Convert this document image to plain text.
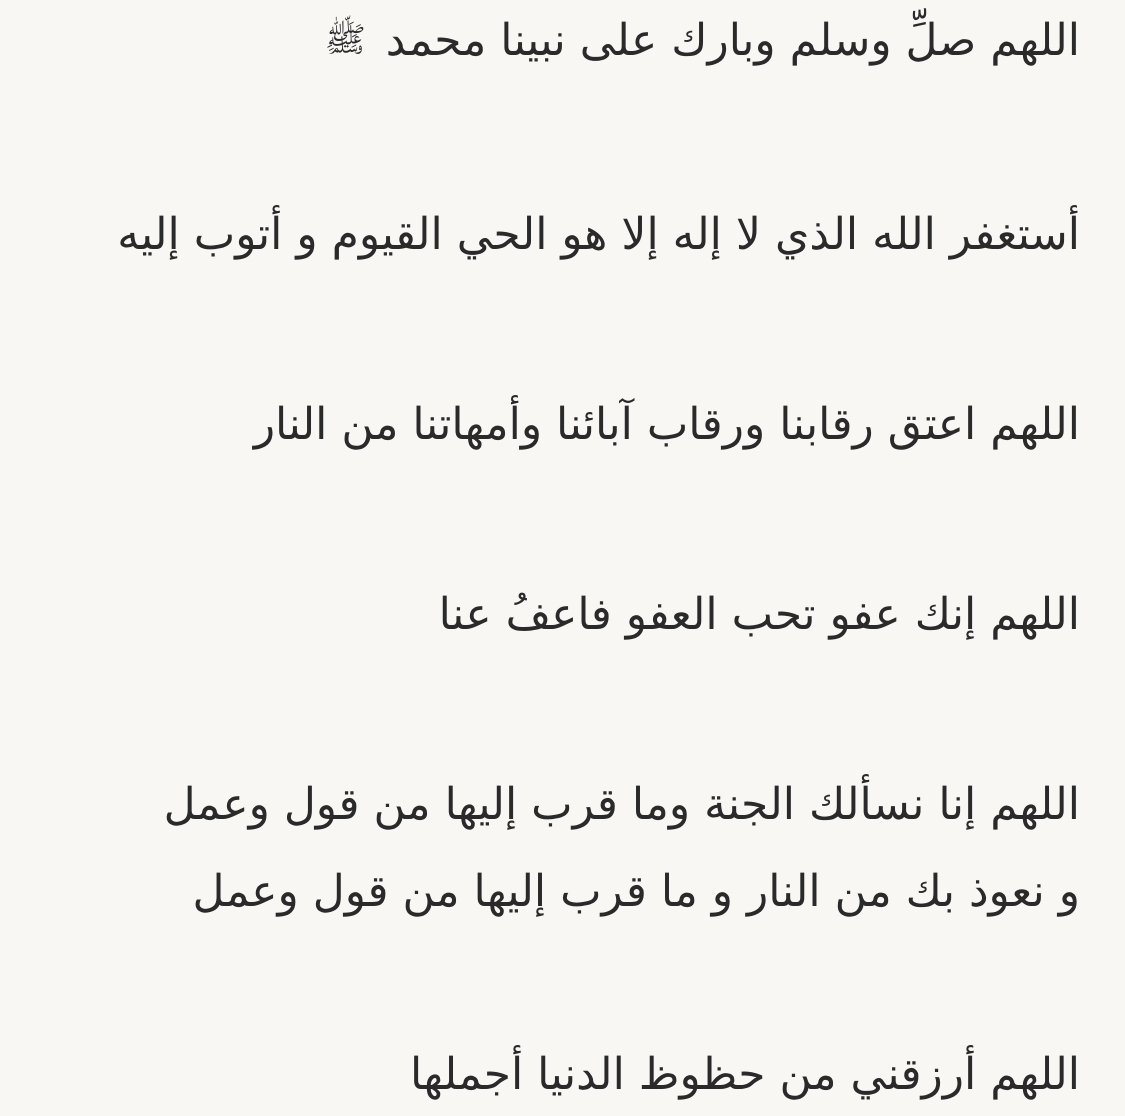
اللهم صلِّ وسلم وبارك على نبينا محمد ﷺ
أستغفر الله الذي لا إله إلا هو الحي القيوم و أتوب إليه
اللهم اعتق رقابنا ورقاب آبائنا وأمهاتنا من النار
اللهم إنك عفو تحب العفو فاعفُ عنا
اللهم إنا نسألك الجنة وما قرب إليها من قول وعمل
و نعوذ بك من النار و ما قرب إليها من قول وعمل
اللهم أرزقني من حظوظ الدنيا أجملها
